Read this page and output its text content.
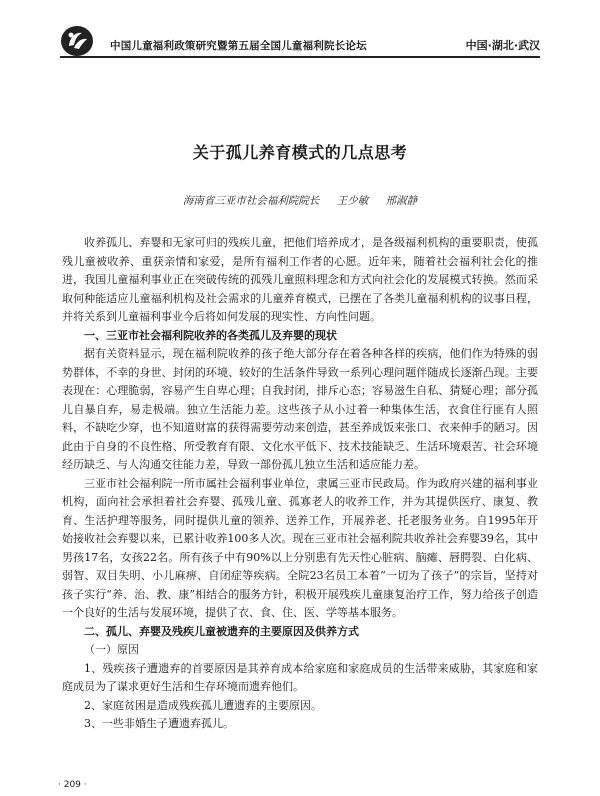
中国儿童福利政策研究暨第五届全国儿童福利院长论坛	中国·湖北·武汉
关于孤儿养育模式的几点思考
海南省三亚市社会福利院院长 王少敏 邢淑静

收养孤儿、弃婴和无家可归的残疾儿童，把他们培养成才，是各级福利机构的重要职责，使孤残儿童被收养、重获亲情和家爱，是所有福利工作者的心愿。近年来，随着社会福利社会化的推进，我国儿童福利事业正在突破传统的孤残儿童照料理念和方式向社会化的发展模式转换。然而采取何种能适应儿童福利机构及社会需求的儿童养育模式，已摆在了各类儿童福利机构的议事日程，并将关系到儿童福利事业今后将如何发展的现实性、方向性问题。

一、三亚市社会福利院收养的各类孤儿及弃婴的现状

据有关资料显示，现在福利院收养的孩子绝大部分存在着各种各样的疾病，他们作为特殊的弱势群体，不幸的身世、封闭的环境、较好的生活条件导致一系列心理问题伴随成长逐渐凸现。主要表现在：心理脆弱，容易产生自卑心理；自我封闭，排斥心态；容易滋生自私、猜疑心理；部分孤儿自暴自弃，易走极端。独立生活能力差。这些孩子从小过着一种集体生活，衣食住行匪有人照料，不缺吃少穿，也不知道财富的获得需要劳动来创造，甚至养成饭来张口、衣来伸手的陋习。因此由于自身的不良性格、所受教育有限、文化水平低下、技术技能缺乏、生活环境艰苦、社会环境经历缺乏、与人沟通交往能力差，导致一部份孤儿独立生活和适应能力差。

三亚市社会福利院一所市属社会福利事业单位，隶属三亚市民政局。作为政府兴建的福利事业机构，面向社会承担着社会弃婴、孤残儿童、孤寡老人的收养工作，并为其提供医疗、康复、教育、生活护理等服务，同时提供儿童的领养、送养工作，开展养老、托老服务业务。自1995年开始接收社会弃婴以来，已累计收养100多人次。现在三亚市社会福利院共收养社会弃婴39名，其中男孩17名，女孩22名。所有孩子中有90%以上分别患有先天性心脏病、脑瘫、唇腭裂、白化病、弱智、双目失明、小儿麻痹、自闭症等疾病。全院23名员工本着“一切为了孩子”的宗旨，坚持对孩子实行“养、治、教、康”相结合的服务方针，积极开展残疾儿童康复治疗工作，努力给孩子创造一个良好的生活与发展环境，提供了衣、食、住、医、学等基本服务。

二、孤儿、弃婴及残疾儿童被遗弃的主要原因及供养方式
（一）原因

1、残疾孩子遭遗弃的首要原因是其养育成本给家庭和家庭成员的生活带来威胁，其家庭和家庭成员为了谋求更好生活和生存环境而遗弃他们。

2、家庭贫困是造成残疾孤儿遭遗弃的主要原因。

3、一些非婚生子遭遗弃孤儿。

· 209 ·
